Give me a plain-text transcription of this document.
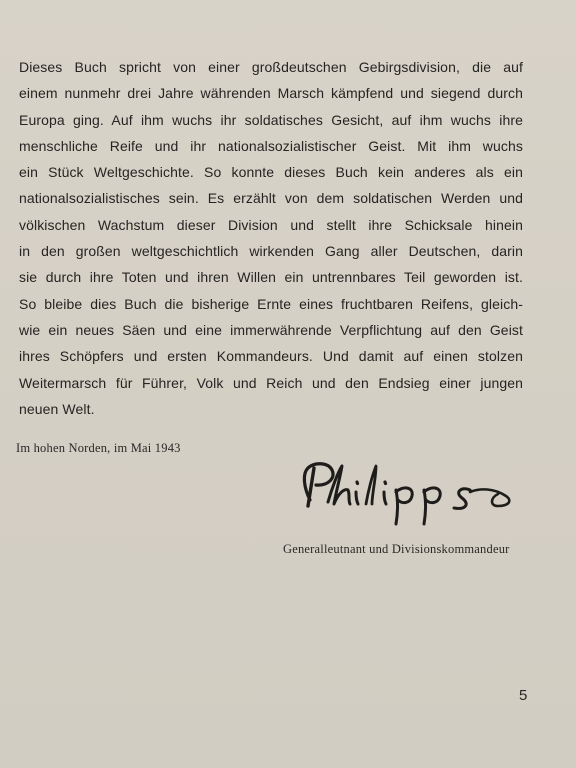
Dieses Buch spricht von einer großdeutschen Gebirgsdivision, die auf
einem nunmehr drei Jahre währenden Marsch kämpfend und siegend durch
Europa ging. Auf ihm wuchs ihr soldatisches Gesicht, auf ihm wuchs ihre
menschliche Reife und ihr nationalsozialistischer Geist. Mit ihm wuchs
ein Stück Weltgeschichte. So konnte dieses Buch kein anderes als ein
nationalsozialistisches sein. Es erzählt von dem soldatischen Werden und
völkischen Wachstum dieser Division und stellt ihre Schicksale hinein
in den großen weltgeschichtlich wirkenden Gang aller Deutschen, darin
sie durch ihre Toten und ihren Willen ein untrennbares Teil geworden ist.
So bleibe dies Buch die bisherige Ernte eines fruchtbaren Reifens, gleich-
wie ein neues Säen und eine immerwährende Verpflichtung auf den Geist
ihres Schöpfers und ersten Kommandeurs. Und damit auf einen stolzen
Weitermarsch für Führer, Volk und Reich und den Endsieg einer jungen
neuen Welt.
Im hohen Norden, im Mai 1943
Generalleutnant und Divisionskommandeur
5
